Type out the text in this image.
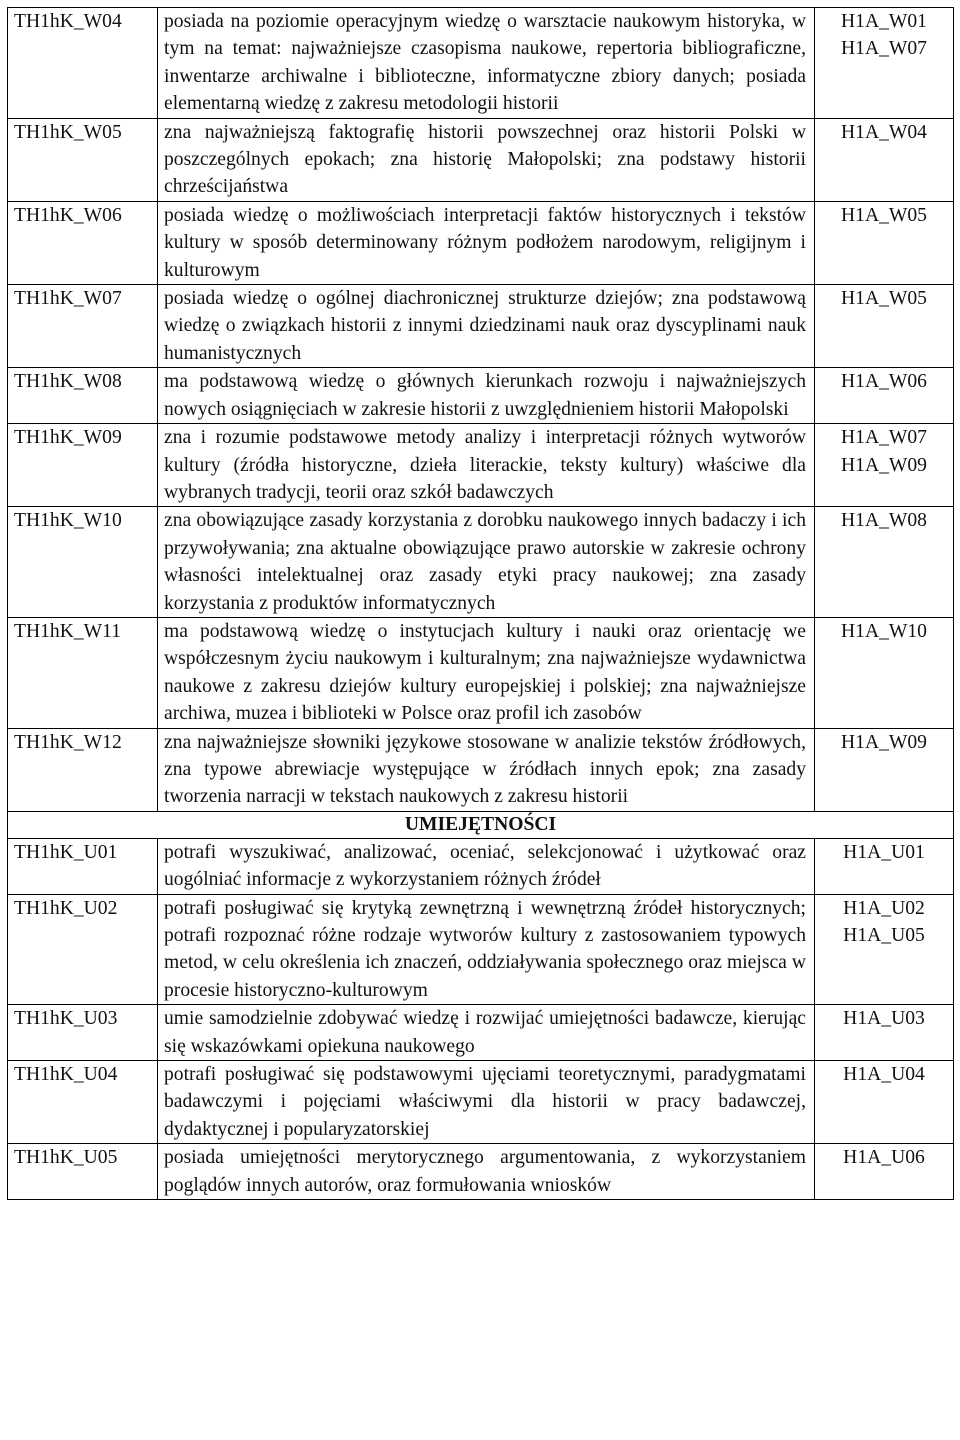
TH1hK_W04	posiada na poziomie operacyjnym wiedzę o warsztacie naukowym historyka, w tym na temat: najważniejsze czasopisma naukowe, repertoria bibliograficzne, inwentarze archiwalne i biblioteczne, informatyczne zbiory danych; posiada elementarną wiedzę z zakresu metodologii historii	H1A_W01
H1A_W07

TH1hK_W05	zna najważniejszą faktografię historii powszechnej oraz historii Polski w poszczególnych epokach; zna historię Małopolski; zna podstawy historii chrześcijaństwa	H1A_W04

TH1hK_W06	posiada wiedzę o możliwościach interpretacji faktów historycznych i tekstów kultury w sposób determinowany różnym podłożem narodowym, religijnym i kulturowym	H1A_W05

TH1hK_W07	posiada wiedzę o ogólnej diachronicznej strukturze dziejów; zna podstawową wiedzę o związkach historii z innymi dziedzinami nauk oraz dyscyplinami nauk humanistycznych	H1A_W05

TH1hK_W08	ma podstawową wiedzę o głównych kierunkach rozwoju i najważniejszych nowych osiągnięciach w zakresie historii z uwzględnieniem historii Małopolski	H1A_W06

TH1hK_W09	zna i rozumie podstawowe metody analizy i interpretacji różnych wytworów kultury (źródła historyczne, dzieła literackie, teksty kultury) właściwe dla wybranych tradycji, teorii oraz szkół badawczych	H1A_W07
H1A_W09

TH1hK_W10	zna obowiązujące zasady korzystania z dorobku naukowego innych badaczy i ich przywoływania; zna aktualne obowiązujące prawo autorskie w zakresie ochrony własności intelektualnej oraz zasady etyki pracy naukowej; zna zasady korzystania z produktów informatycznych	H1A_W08

TH1hK_W11	ma podstawową wiedzę o instytucjach kultury i nauki oraz orientację we współczesnym życiu naukowym i kulturalnym; zna najważniejsze wydawnictwa naukowe z zakresu dziejów kultury europejskiej i polskiej; zna najważniejsze archiwa, muzea i biblioteki w Polsce oraz profil ich zasobów	H1A_W10

TH1hK_W12	zna najważniejsze słowniki językowe stosowane w analizie tekstów źródłowych, zna typowe abrewiacje występujące w źródłach innych epok; zna zasady tworzenia narracji w tekstach naukowych z zakresu historii	H1A_W09

UMIEJĘTNOŚCI		
TH1hK_U01	potrafi wyszukiwać, analizować, oceniać, selekcjonować i użytkować oraz uogólniać informacje z wykorzystaniem różnych źródeł	H1A_U01

TH1hK_U02	potrafi posługiwać się krytyką zewnętrzną i wewnętrzną źródeł historycznych; potrafi rozpoznać różne rodzaje wytworów kultury z zastosowaniem typowych metod, w celu określenia ich znaczeń, oddziaływania społecznego oraz miejsca w procesie historyczno-kulturowym	H1A_U02
H1A_U05

TH1hK_U03	umie samodzielnie zdobywać wiedzę i rozwijać umiejętności badawcze, kierując się wskazówkami opiekuna naukowego	H1A_U03

TH1hK_U04	potrafi posługiwać się podstawowymi ujęciami teoretycznymi, paradygmatami badawczymi i pojęciami właściwymi dla historii w pracy badawczej, dydaktycznej i popularyzatorskiej	H1A_U04

TH1hK_U05	posiada umiejętności merytorycznego argumentowania, z wykorzystaniem poglądów innych autorów, oraz formułowania wniosków	H1A_U06
